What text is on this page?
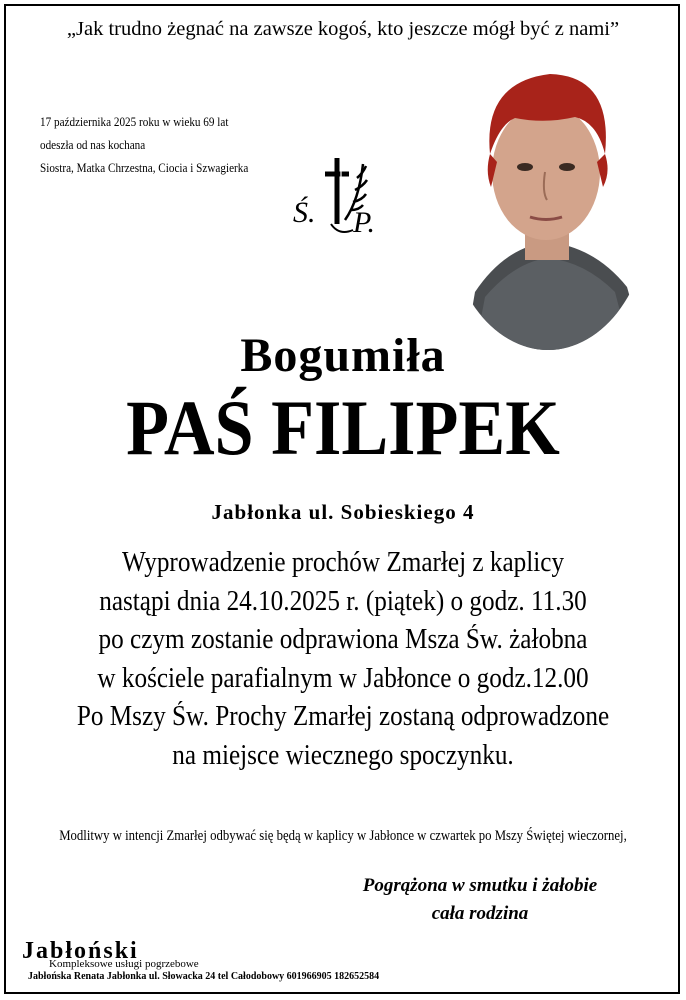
„Jak trudno żegnać na zawsze kogoś, kto jeszcze mógł być z nami”
17 października 2025 roku w wieku 69 lat
odeszła od nas kochana
Siostra, Matka Chrzestna, Ciocia i Szwagierka
Ś. P.
Bogumiła
PAŚ FILIPEK
Jabłonka ul. Sobieskiego 4
Wyprowadzenie prochów Zmarłej z kaplicy
nastąpi dnia 24.10.2025 r. (piątek) o godz. 11.30
po czym zostanie odprawiona Msza Św. żałobna
w kościele parafialnym w Jabłonce o godz.12.00
Po Mszy Św. Prochy Zmarłej zostaną odprowadzone
na miejsce wiecznego spoczynku.
Modlitwy w intencji Zmarłej odbywać się będą w kaplicy w Jabłonce w czwartek po Mszy Świętej wieczornej,
Pogrążona w smutku i żałobie
cała rodzina
Jabłoński
Kompleksowe usługi pogrzebowe
Jabłońska Renata Jabłonka ul. Słowacka 24 tel Całodobowy 601966905 182652584
